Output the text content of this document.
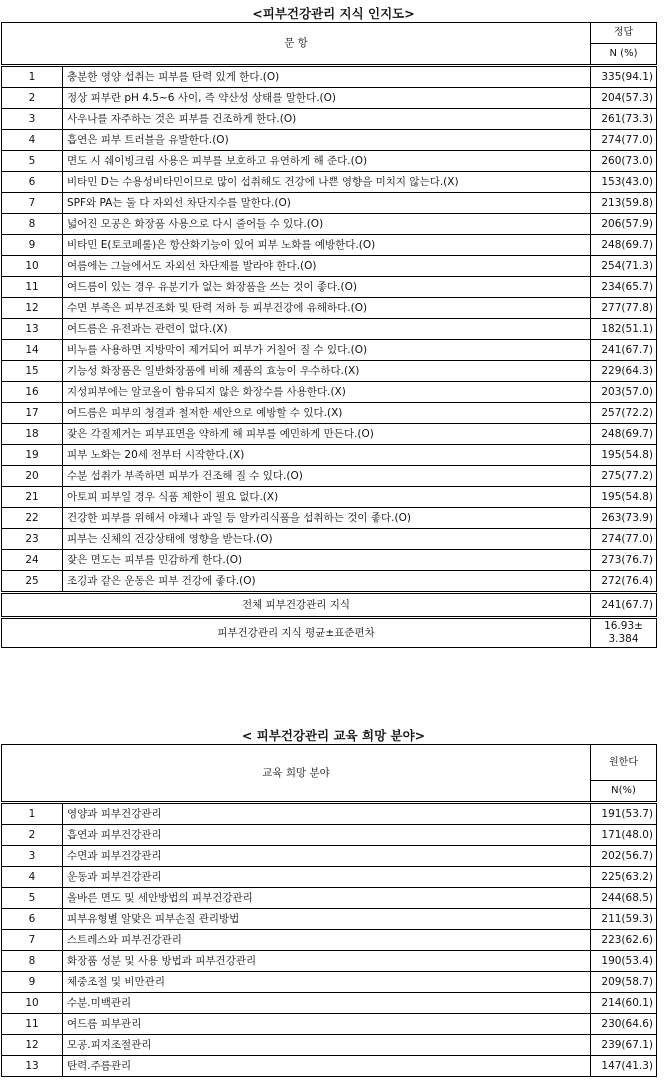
<피부건강관리 지식 인지도>
문 항		정답
		N (%)
1	충분한 영양 섭취는 피부를 탄력 있게 한다.(O)	335(94.1)
2	정상 피부란 pH 4.5~6 사이, 즉 약산성 상태를 말한다.(O)	204(57.3)
3	사우나를 자주하는 것은 피부를 건조하게 한다.(O)	261(73.3)
4	흡연은 피부 트러블을 유발한다.(O)	274(77.0)
5	면도 시 쉐이빙크림 사용은 피부를 보호하고 유연하게 해 준다.(O)	260(73.0)
6	비타민 D는 수용성비타민이므로 많이 섭취해도 건강에 나쁜 영향을 미치지 않는다.(X)	153(43.0)
7	SPF와 PA는 둘 다 자외선 차단지수를 말한다.(O)	213(59.8)
8	넓어진 모공은 화장품 사용으로 다시 줄어들 수 있다.(O)	206(57.9)
9	비타민 E(토코페롤)은 항산화기능이 있어 피부 노화를 예방한다.(O)	248(69.7)
10	여름에는 그늘에서도 자외선 차단제를 발라야 한다.(O)	254(71.3)
11	여드름이 있는 경우 유분기가 없는 화장품을 쓰는 것이 좋다.(O)	234(65.7)
12	수면 부족은 피부건조화 및 탄력 저하 등 피부건강에 유해하다.(O)	277(77.8)
13	여드름은 유전과는 관련이 없다.(X)	182(51.1)
14	비누를 사용하면 지방막이 제거되어 피부가 거칠어 질 수 있다.(O)	241(67.7)
15	기능성 화장품은 일반화장품에 비해 제품의 효능이 우수하다.(X)	229(64.3)
16	지성피부에는 알코올이 함유되지 않은 화장수를 사용한다.(X)	203(57.0)
17	여드름은 피부의 청결과 철저한 세안으로 예방할 수 있다.(X)	257(72.2)
18	잦은 각질제거는 피부표면을 약하게 해 피부를 예민하게 만든다.(O)	248(69.7)
19	피부 노화는 20세 전부터 시작한다.(X)	195(54.8)
20	수분 섭취가 부족하면 피부가 건조해 질 수 있다.(O)	275(77.2)
21	아토피 피부일 경우 식품 제한이 필요 없다.(X)	195(54.8)
22	건강한 피부를 위해서 야채나 과일 등 알카리식품을 섭취하는 것이 좋다.(O)	263(73.9)
23	피부는 신체의 건강상태에 영향을 받는다.(O)	274(77.0)
24	잦은 면도는 피부를 민감하게 한다.(O)	273(76.7)
25	조깅과 같은 운동은 피부 건강에 좋다.(O)	272(76.4)
전체 피부건강관리 지식		241(67.7)
피부건강관리 지식 평균±표준편차		16.93±
3.384
< 피부건강관리 교육 희망 분야>
교육 희망 분야		원한다
		N(%)
1	영양과 피부건강관리	191(53.7)
2	흡연과 피부건강관리	171(48.0)
3	수면과 피부건강관리	202(56.7)
4	운동과 피부건강관리	225(63.2)
5	올바른 면도 및 세안방법의 피부건강관리	244(68.5)
6	피부유형별 알맞은 피부손질 관리방법	211(59.3)
7	스트레스와 피부건강관리	223(62.6)
8	화장품 성분 및 사용 방법과 피부건강관리	190(53.4)
9	체중조절 및 비만관리	209(58.7)
10	수분.미백관리	214(60.1)
11	여드름 피부관리	230(64.6)
12	모공.피지조절관리	239(67.1)
13	탄력.주름관리	147(41.3)
